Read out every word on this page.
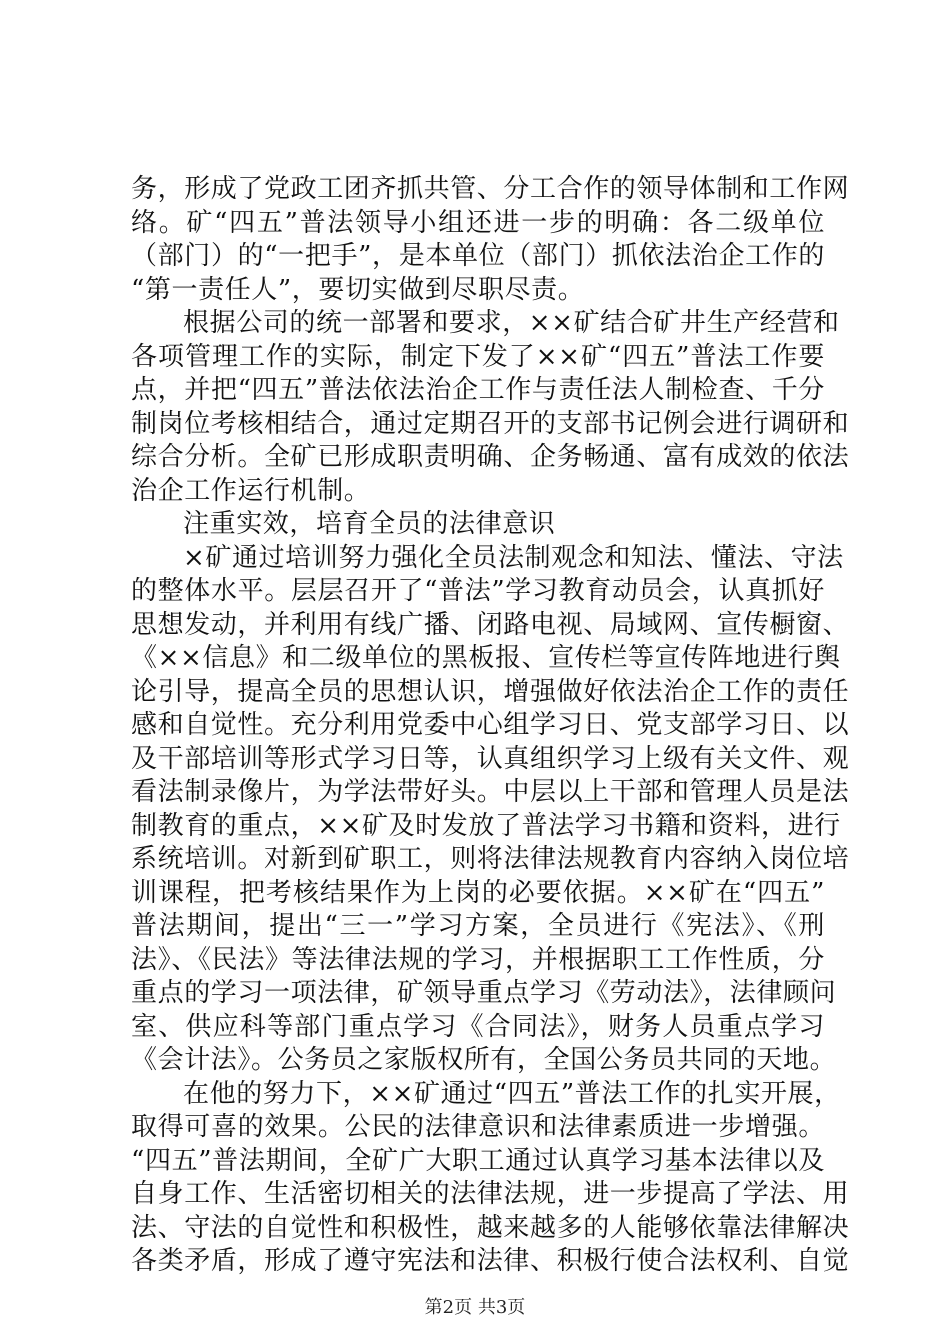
务，形成了党政工团齐抓共管、分工合作的领导体制和工作网
络。矿“四五”普法领导小组还进一步的明确：各二级单位
（部门）的“一把手”，是本单位（部门）抓依法治企工作的
“第一责任人”，要切实做到尽职尽责。
根据公司的统一部署和要求，××矿结合矿井生产经营和
各项管理工作的实际，制定下发了××矿“四五”普法工作要
点，并把“四五”普法依法治企工作与责任法人制检查、千分
制岗位考核相结合，通过定期召开的支部书记例会进行调研和
综合分析。全矿已形成职责明确、企务畅通、富有成效的依法
治企工作运行机制。
注重实效，培育全员的法律意识
×矿通过培训努力强化全员法制观念和知法、懂法、守法
的整体水平。层层召开了“普法”学习教育动员会，认真抓好
思想发动，并利用有线广播、闭路电视、局域网、宣传橱窗、
《××信息》和二级单位的黑板报、宣传栏等宣传阵地进行舆
论引导，提高全员的思想认识，增强做好依法治企工作的责任
感和自觉性。充分利用党委中心组学习日、党支部学习日、以
及干部培训等形式学习日等，认真组织学习上级有关文件、观
看法制录像片，为学法带好头。中层以上干部和管理人员是法
制教育的重点，××矿及时发放了普法学习书籍和资料，进行
系统培训。对新到矿职工，则将法律法规教育内容纳入岗位培
训课程，把考核结果作为上岗的必要依据。××矿在“四五”
普法期间，提出“三一”学习方案，全员进行《宪法》、《刑
法》、《民法》等法律法规的学习，并根据职工工作性质，分
重点的学习一项法律，矿领导重点学习《劳动法》，法律顾问
室、供应科等部门重点学习《合同法》，财务人员重点学习
《会计法》。公务员之家版权所有，全国公务员共同的天地。
在他的努力下，××矿通过“四五”普法工作的扎实开展，
取得可喜的效果。公民的法律意识和法律素质进一步增强。
“四五”普法期间，全矿广大职工通过认真学习基本法律以及
自身工作、生活密切相关的法律法规，进一步提高了学法、用
法、守法的自觉性和积极性，越来越多的人能够依靠法律解决
各类矛盾，形成了遵守宪法和法律、积极行使合法权利、自觉
第2页 共3页
